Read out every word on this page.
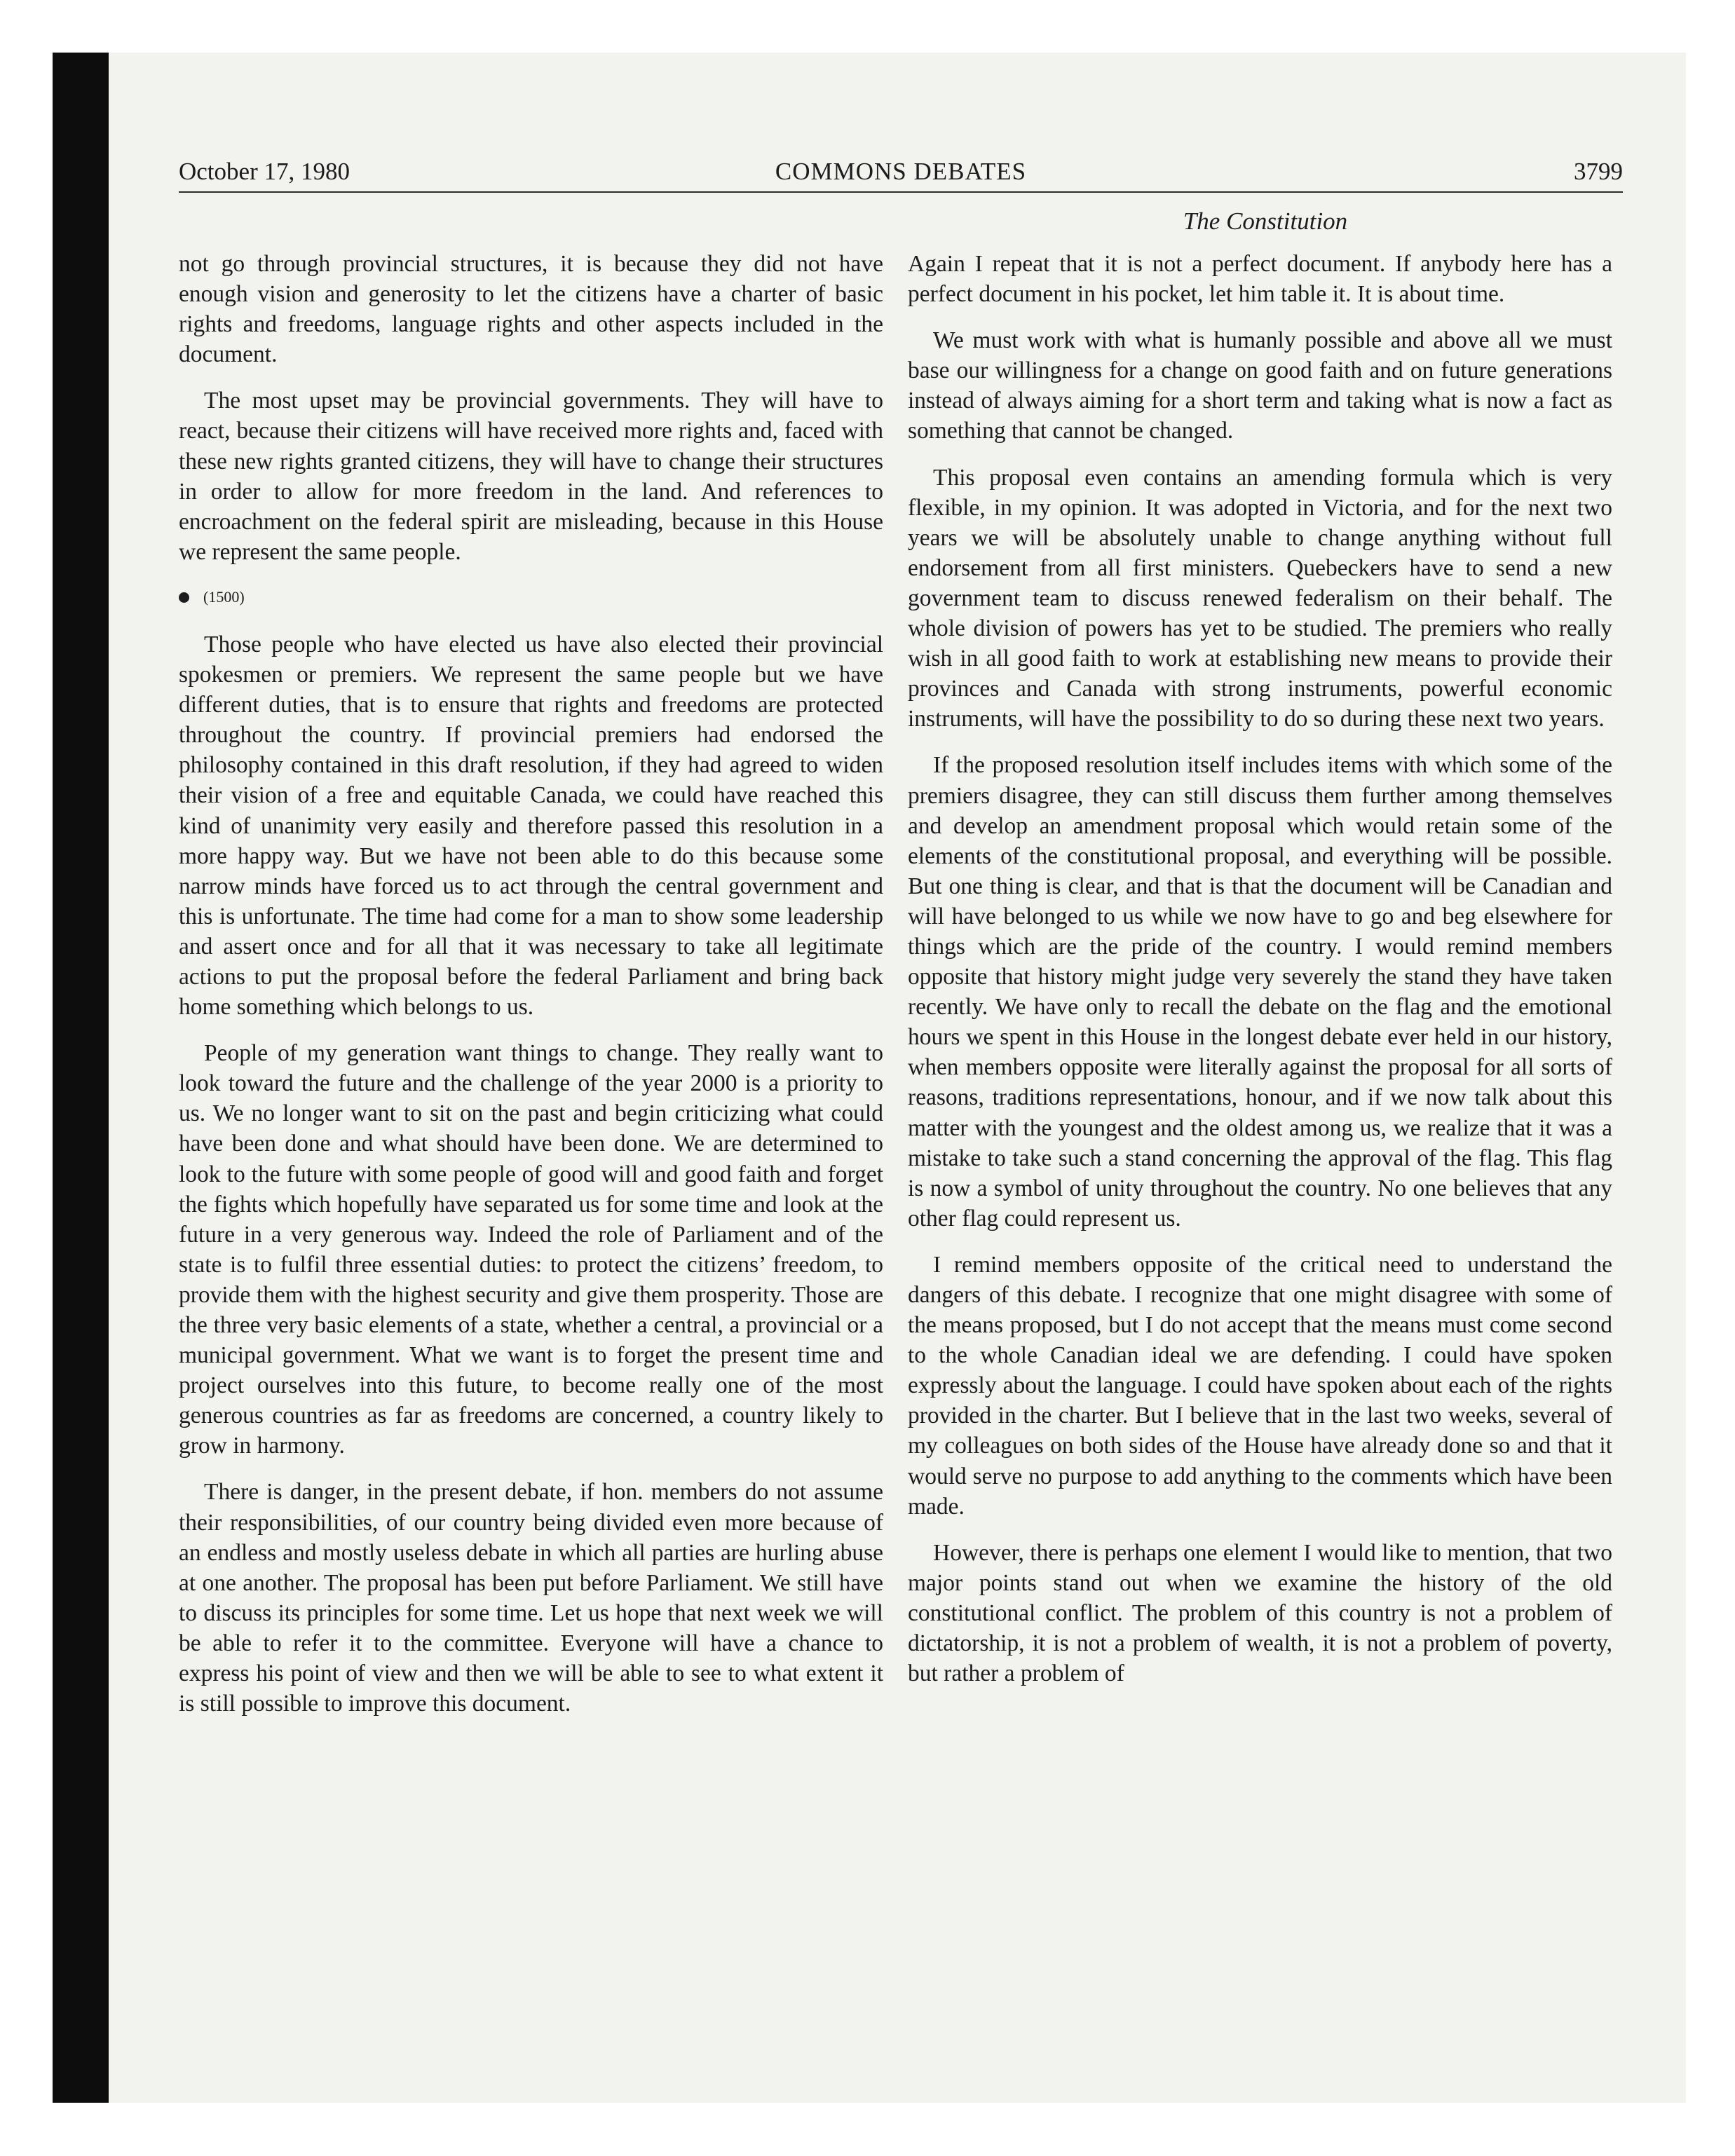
October 17, 1980	COMMONS DEBATES	3799
The Constitution

not go through provincial structures, it is because they did not have enough vision and generosity to let the citizens have a charter of basic rights and freedoms, language rights and other aspects included in the document.

The most upset may be provincial governments. They will have to react, because their citizens will have received more rights and, faced with these new rights granted citizens, they will have to change their structures in order to allow for more freedom in the land. And references to encroachment on the federal spirit are misleading, because in this House we represent the same people.

(1500)

Those people who have elected us have also elected their provincial spokesmen or premiers. We represent the same people but we have different duties, that is to ensure that rights and freedoms are protected throughout the country. If provincial premiers had endorsed the philosophy contained in this draft resolution, if they had agreed to widen their vision of a free and equitable Canada, we could have reached this kind of unanimity very easily and therefore passed this resolution in a more happy way. But we have not been able to do this because some narrow minds have forced us to act through the central government and this is unfortunate. The time had come for a man to show some leadership and assert once and for all that it was necessary to take all legitimate actions to put the proposal before the federal Parliament and bring back home something which belongs to us.

People of my generation want things to change. They really want to look toward the future and the challenge of the year 2000 is a priority to us. We no longer want to sit on the past and begin criticizing what could have been done and what should have been done. We are determined to look to the future with some people of good will and good faith and forget the fights which hopefully have separated us for some time and look at the future in a very generous way. Indeed the role of Parliament and of the state is to fulfil three essential duties: to protect the citizens’ freedom, to provide them with the highest security and give them prosperity. Those are the three very basic elements of a state, whether a central, a provincial or a municipal government. What we want is to forget the present time and project ourselves into this future, to become really one of the most generous countries as far as freedoms are concerned, a country likely to grow in harmony.

There is danger, in the present debate, if hon. members do not assume their responsibilities, of our country being divided even more because of an endless and mostly useless debate in which all parties are hurling abuse at one another. The proposal has been put before Parliament. We still have to discuss its principles for some time. Let us hope that next week we will be able to refer it to the committee. Everyone will have a chance to express his point of view and then we will be able to see to what extent it is still possible to improve this document.

Again I repeat that it is not a perfect document. If anybody here has a perfect document in his pocket, let him table it. It is about time.

We must work with what is humanly possible and above all we must base our willingness for a change on good faith and on future generations instead of always aiming for a short term and taking what is now a fact as something that cannot be changed.

This proposal even contains an amending formula which is very flexible, in my opinion. It was adopted in Victoria, and for the next two years we will be absolutely unable to change anything without full endorsement from all first ministers. Quebeckers have to send a new government team to discuss renewed federalism on their behalf. The whole division of powers has yet to be studied. The premiers who really wish in all good faith to work at establishing new means to provide their provinces and Canada with strong instruments, powerful economic instruments, will have the possibility to do so during these next two years.

If the proposed resolution itself includes items with which some of the premiers disagree, they can still discuss them further among themselves and develop an amendment proposal which would retain some of the elements of the constitutional proposal, and everything will be possible. But one thing is clear, and that is that the document will be Canadian and will have belonged to us while we now have to go and beg elsewhere for things which are the pride of the country. I would remind members opposite that history might judge very severely the stand they have taken recently. We have only to recall the debate on the flag and the emotional hours we spent in this House in the longest debate ever held in our history, when members opposite were literally against the proposal for all sorts of reasons, traditions representations, honour, and if we now talk about this matter with the youngest and the oldest among us, we realize that it was a mistake to take such a stand concerning the approval of the flag. This flag is now a symbol of unity throughout the country. No one believes that any other flag could represent us.

I remind members opposite of the critical need to understand the dangers of this debate. I recognize that one might disagree with some of the means proposed, but I do not accept that the means must come second to the whole Canadian ideal we are defending. I could have spoken expressly about the language. I could have spoken about each of the rights provided in the charter. But I believe that in the last two weeks, several of my colleagues on both sides of the House have already done so and that it would serve no purpose to add anything to the comments which have been made.

However, there is perhaps one element I would like to mention, that two major points stand out when we examine the history of the old constitutional conflict. The problem of this country is not a problem of dictatorship, it is not a problem of wealth, it is not a problem of poverty, but rather a problem of
